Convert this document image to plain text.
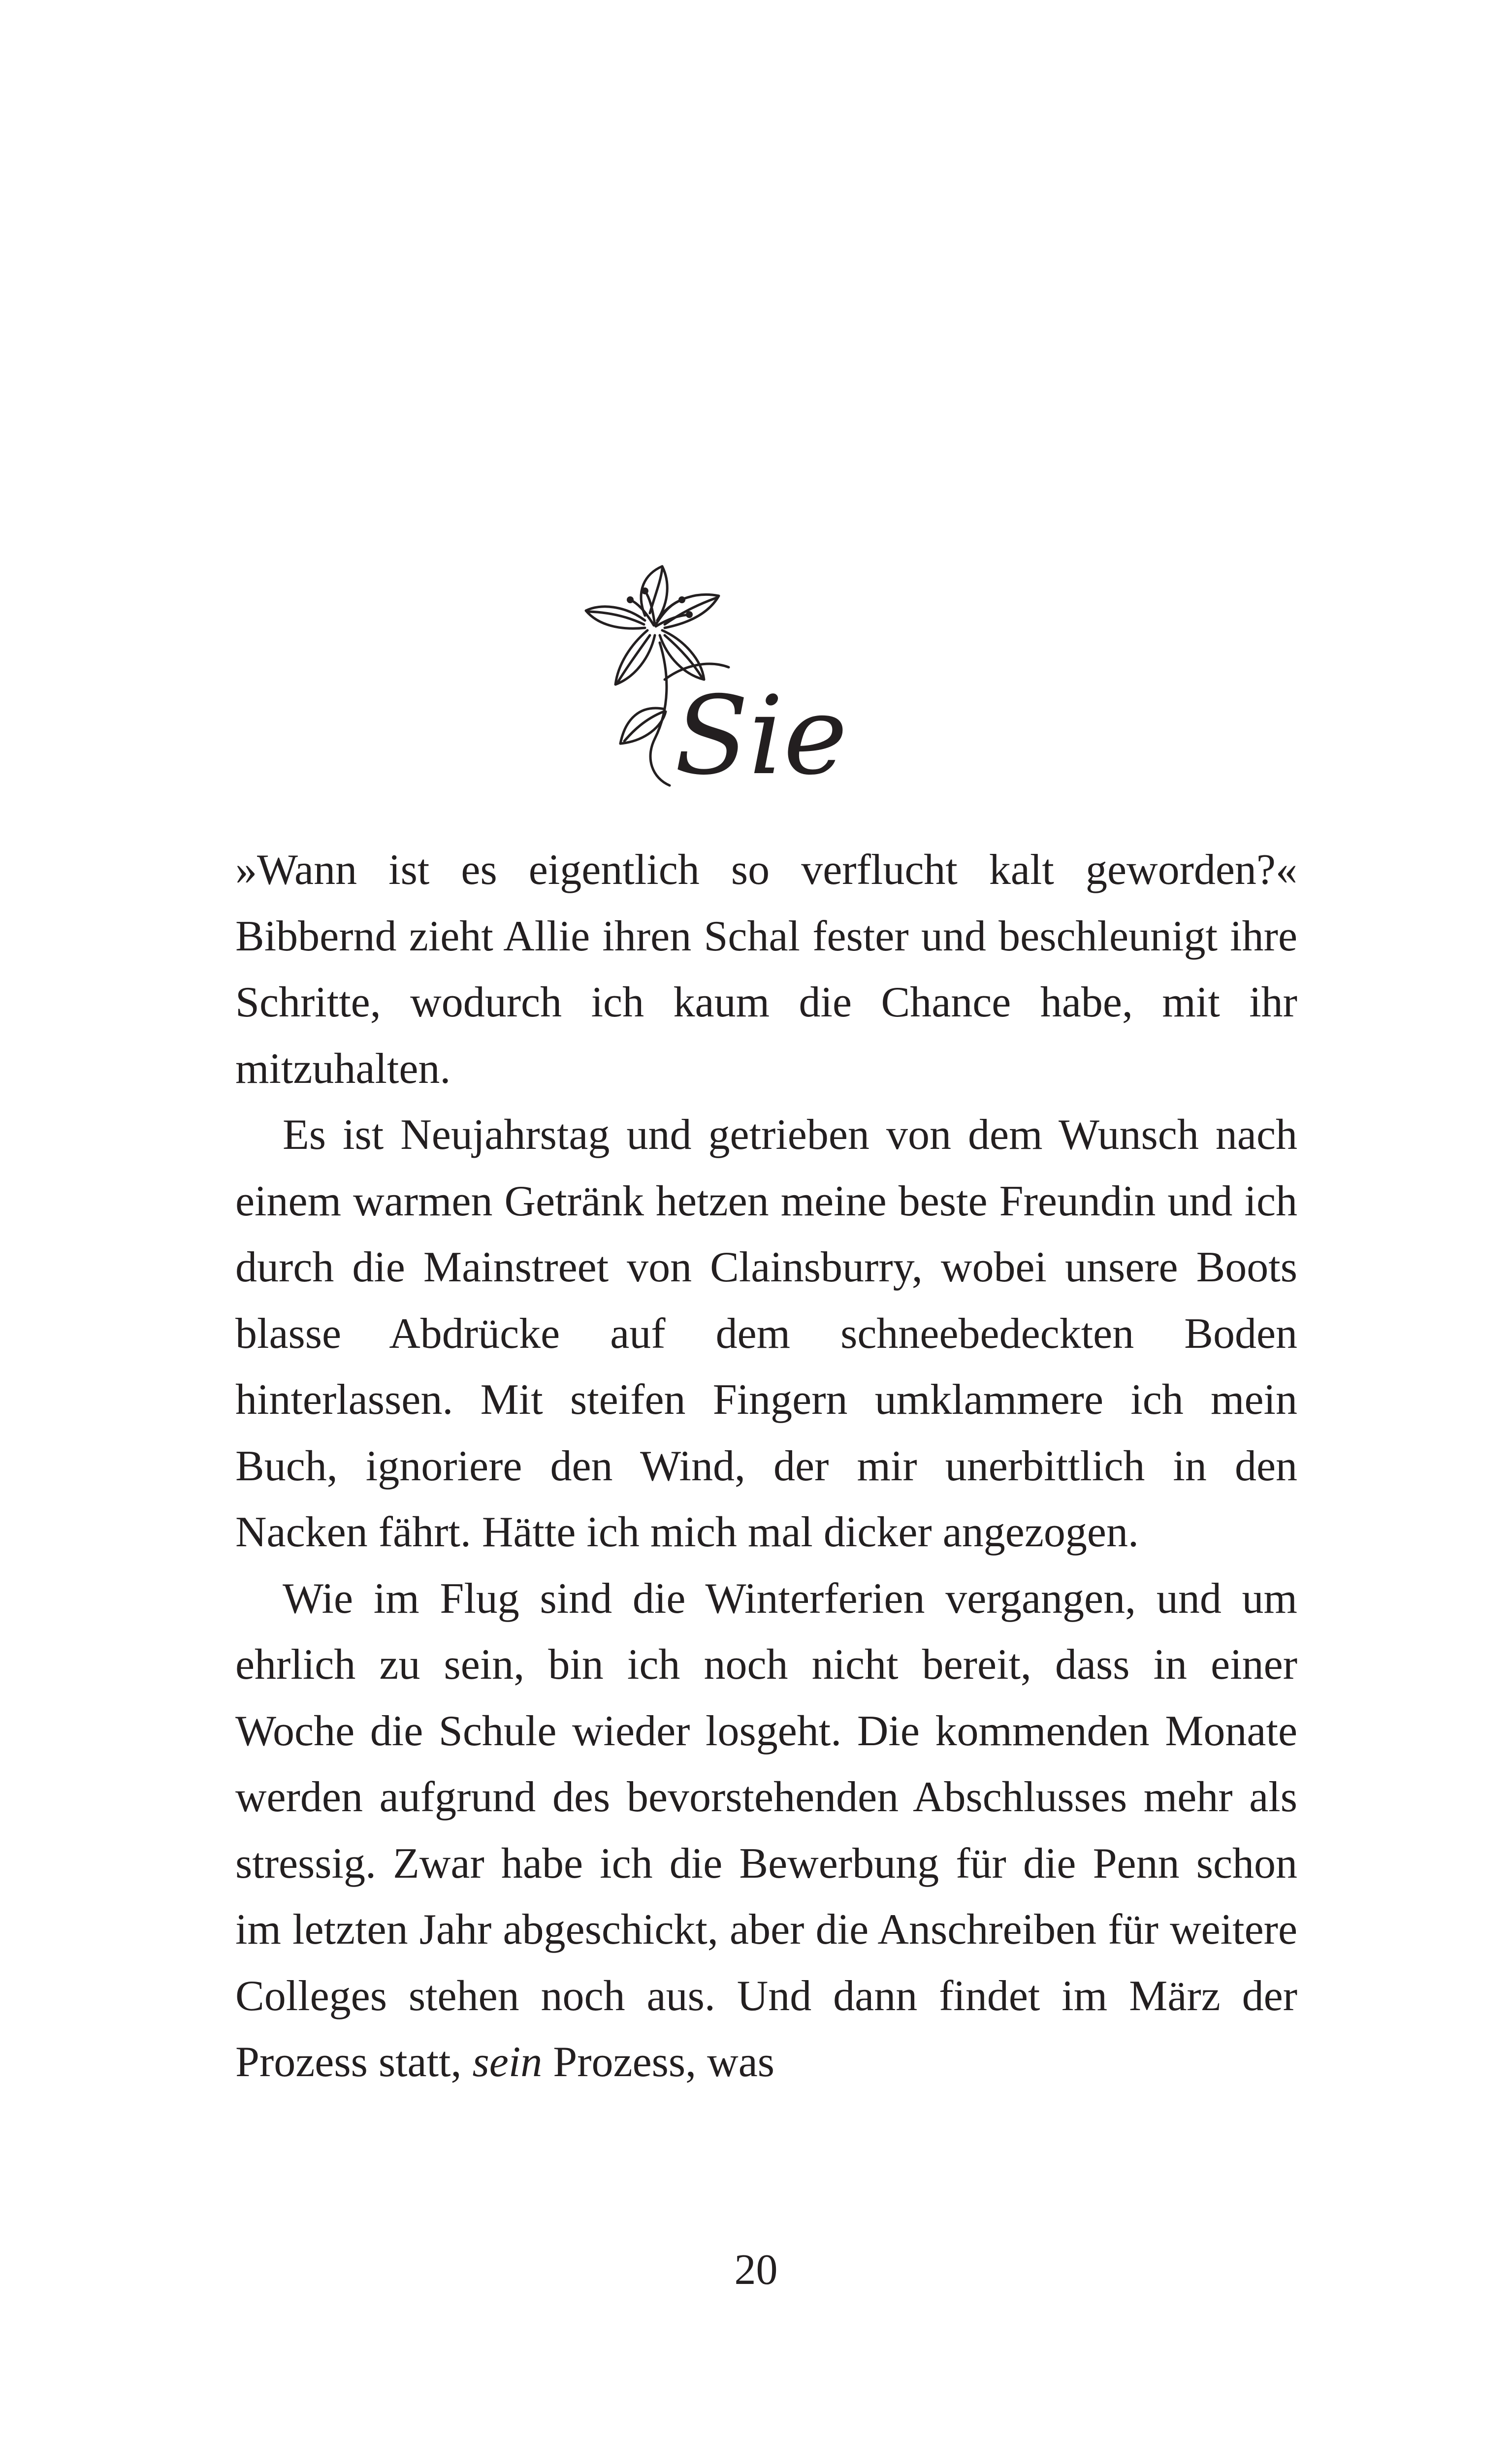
Sie

»Wann ist es eigentlich so verflucht kalt geworden?« Bibbernd zieht Allie ihren Schal fester und beschleunigt ihre Schritte, wodurch ich kaum die Chance habe, mit ihr mitzuhalten.

Es ist Neujahrstag und getrieben von dem Wunsch nach einem warmen Getränk hetzen meine beste Freundin und ich durch die Mainstreet von Clainsburry, wobei unsere Boots blasse Abdrücke auf dem schneebedeckten Boden hinterlassen. Mit steifen Fingern umklammere ich mein Buch, ignoriere den Wind, der mir unerbittlich in den Nacken fährt. Hätte ich mich mal dicker angezogen.

Wie im Flug sind die Winterferien vergangen, und um ehrlich zu sein, bin ich noch nicht bereit, dass in einer Woche die Schule wieder losgeht. Die kommenden Monate werden aufgrund des bevorstehenden Abschlusses mehr als stressig. Zwar habe ich die Bewerbung für die Penn schon im letzten Jahr abgeschickt, aber die Anschreiben für weitere Colleges stehen noch aus. Und dann findet im März der Prozess statt, sein Prozess, was

20
